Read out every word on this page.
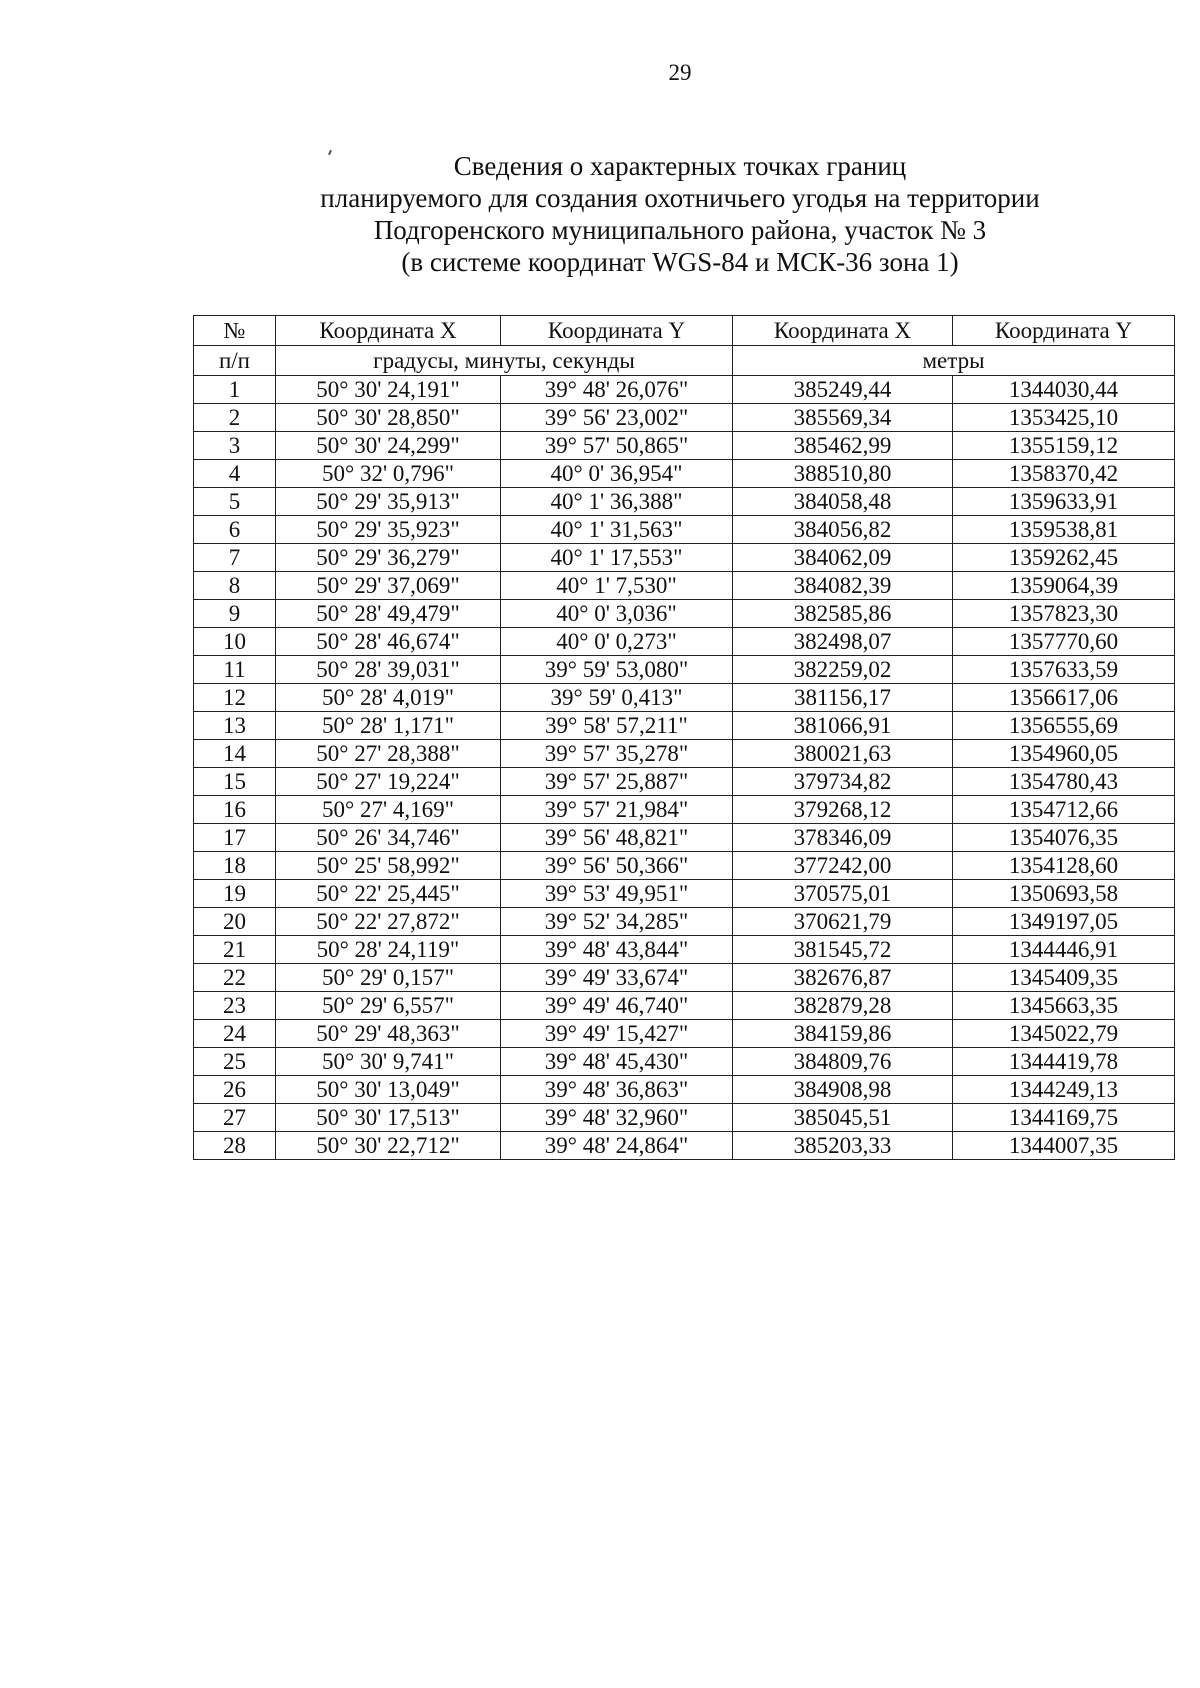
29
Сведения о характерных точках границ
планируемого для создания охотничьего угодья на территории
Подгоренского муниципального района, участок № 3
(в системе координат WGS-84 и МСК-36 зона 1)
№	Координата X	Координата Y	Координата X	Координата Y
п/п	градусы, минуты, секунды		метры	
1	50° 30' 24,191"	39° 48' 26,076"	385249,44	1344030,44
2	50° 30' 28,850"	39° 56' 23,002"	385569,34	1353425,10
3	50° 30' 24,299"	39° 57' 50,865"	385462,99	1355159,12
4	50° 32' 0,796"	40° 0' 36,954"	388510,80	1358370,42
5	50° 29' 35,913"	40° 1' 36,388"	384058,48	1359633,91
6	50° 29' 35,923"	40° 1' 31,563"	384056,82	1359538,81
7	50° 29' 36,279"	40° 1' 17,553"	384062,09	1359262,45
8	50° 29' 37,069"	40° 1' 7,530"	384082,39	1359064,39
9	50° 28' 49,479"	40° 0' 3,036"	382585,86	1357823,30
10	50° 28' 46,674"	40° 0' 0,273"	382498,07	1357770,60
11	50° 28' 39,031"	39° 59' 53,080"	382259,02	1357633,59
12	50° 28' 4,019"	39° 59' 0,413"	381156,17	1356617,06
13	50° 28' 1,171"	39° 58' 57,211"	381066,91	1356555,69
14	50° 27' 28,388"	39° 57' 35,278"	380021,63	1354960,05
15	50° 27' 19,224"	39° 57' 25,887"	379734,82	1354780,43
16	50° 27' 4,169"	39° 57' 21,984"	379268,12	1354712,66
17	50° 26' 34,746"	39° 56' 48,821"	378346,09	1354076,35
18	50° 25' 58,992"	39° 56' 50,366"	377242,00	1354128,60
19	50° 22' 25,445"	39° 53' 49,951"	370575,01	1350693,58
20	50° 22' 27,872"	39° 52' 34,285"	370621,79	1349197,05
21	50° 28' 24,119"	39° 48' 43,844"	381545,72	1344446,91
22	50° 29' 0,157"	39° 49' 33,674"	382676,87	1345409,35
23	50° 29' 6,557"	39° 49' 46,740"	382879,28	1345663,35
24	50° 29' 48,363"	39° 49' 15,427"	384159,86	1345022,79
25	50° 30' 9,741"	39° 48' 45,430"	384809,76	1344419,78
26	50° 30' 13,049"	39° 48' 36,863"	384908,98	1344249,13
27	50° 30' 17,513"	39° 48' 32,960"	385045,51	1344169,75
28	50° 30' 22,712"	39° 48' 24,864"	385203,33	1344007,35
